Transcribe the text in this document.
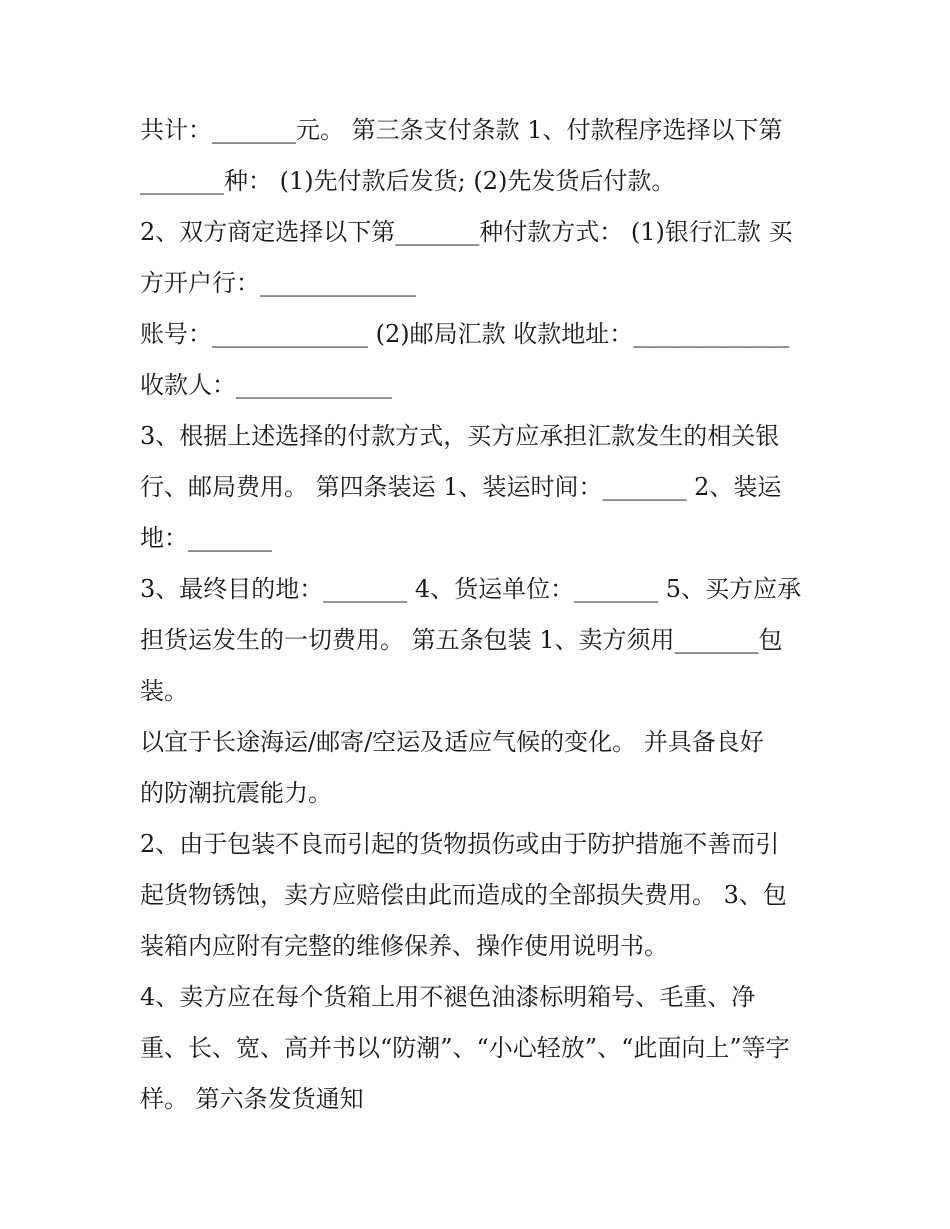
共计：_______元。 第三条支付条款 1、付款程序选择以下第
_______种： (1)先付款后发货; (2)先发货后付款。
2、双方商定选择以下第_______种付款方式： (1)银行汇款 买
方开户行：_____________
账号：_____________ (2)邮局汇款 收款地址：_____________
收款人：_____________
3、根据上述选择的付款方式，买方应承担汇款发生的相关银
行、邮局费用。 第四条装运 1、装运时间：_______ 2、装运
地：_______
3、最终目的地：_______ 4、货运单位：_______ 5、买方应承
担货运发生的一切费用。 第五条包装 1、卖方须用_______包
装。
以宜于长途海运/邮寄/空运及适应气候的变化。 并具备良好
的防潮抗震能力。
2、由于包装不良而引起的货物损伤或由于防护措施不善而引
起货物锈蚀，卖方应赔偿由此而造成的全部损失费用。 3、包
装箱内应附有完整的维修保养、操作使用说明书。
4、卖方应在每个货箱上用不褪色油漆标明箱号、毛重、净
重、长、宽、高并书以“防潮”、“小心轻放”、“此面向上”等字
样。 第六条发货通知
